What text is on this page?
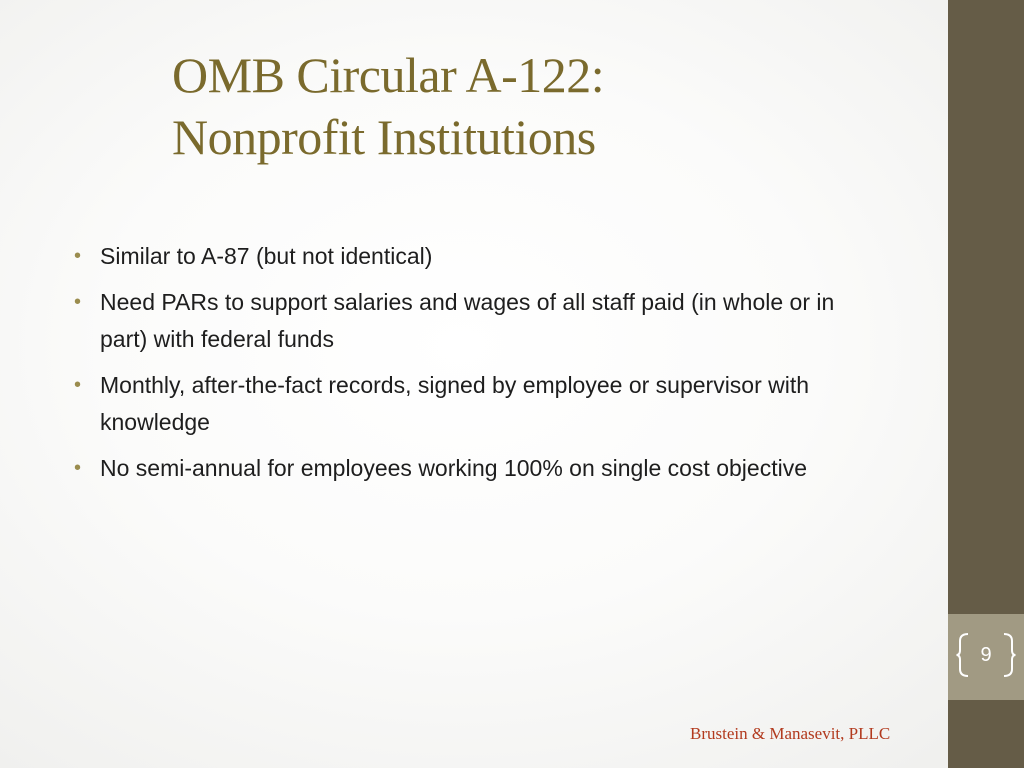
9
OMB Circular A-122:
Nonprofit Institutions
• Similar to A-87 (but not identical)
• Need PARs to support salaries and wages of all staff paid (in whole or in part) with federal funds
• Monthly, after-the-fact records, signed by employee or supervisor with knowledge
• No semi-annual for employees working 100% on single cost objective
Brustein & Manasevit, PLLC
